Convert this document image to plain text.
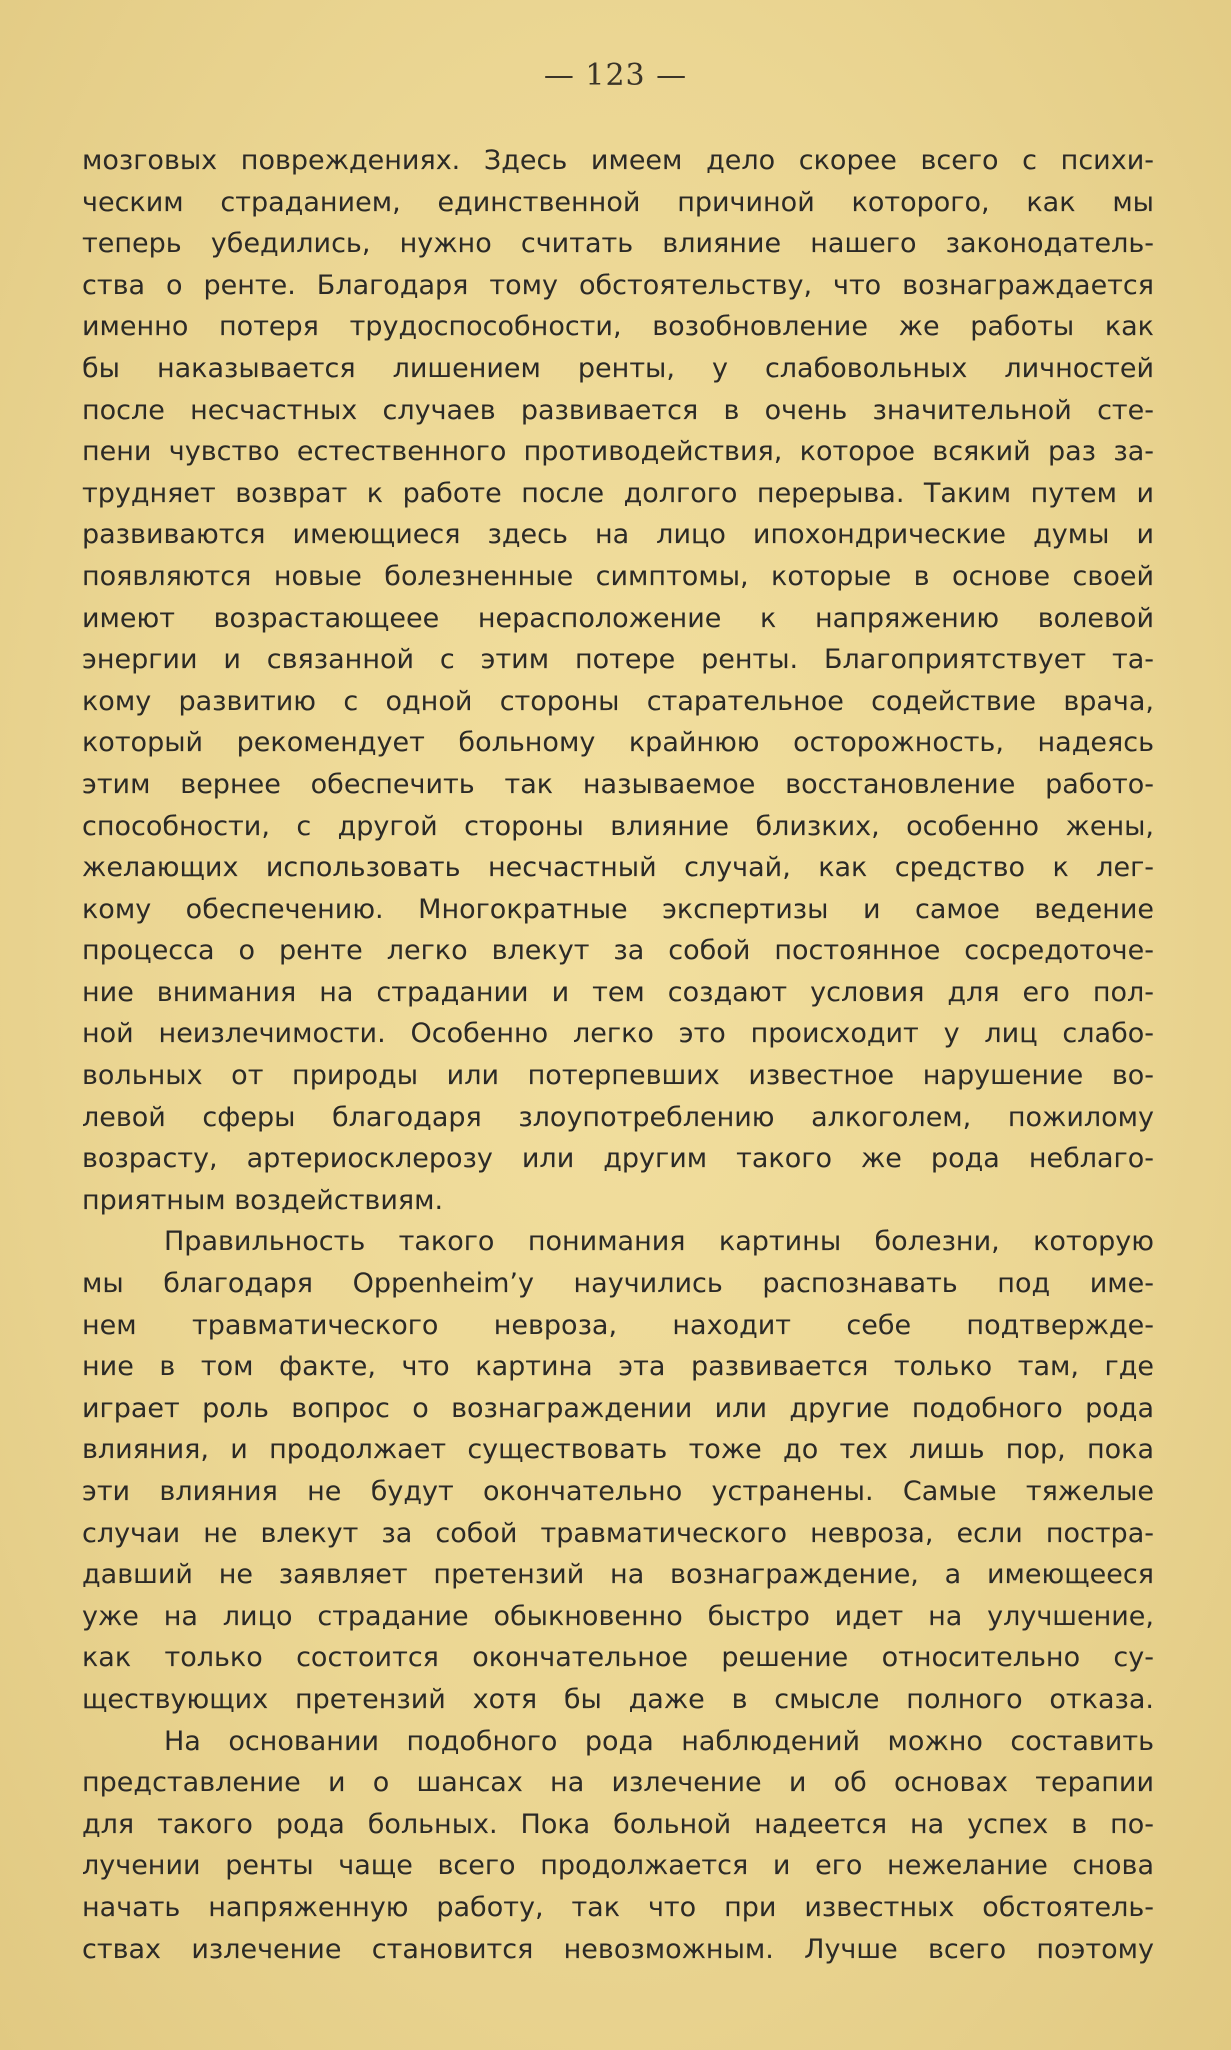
— 123 —
мозговых повреждениях. Здесь имеем дело скорее всего с психи-
ческим страданием, единственной причиной которого, как мы
теперь убедились, нужно считать влияние нашего законодатель-
ства о ренте. Благодаря тому обстоятельству, что вознаграждается
именно потеря трудоспособности, возобновление же работы как
бы наказывается лишением ренты, у слабовольных личностей
после несчастных случаев развивается в очень значительной сте-
пени чувство естественного противодействия, которое всякий раз за-
трудняет возврат к работе после долгого перерыва. Таким путем и
развиваются имеющиеся здесь на лицо ипохондрические думы и
появляются новые болезненные симптомы, которые в основе своей
имеют возрастающеее нерасположение к напряжению волевой
энергии и связанной с этим потере ренты. Благоприятствует та-
кому развитию с одной стороны старательное содействие врача,
который рекомендует больному крайнюю осторожность, надеясь
этим вернее обеспечить так называемое восстановление работо-
способности, с другой стороны влияние близких, особенно жены,
желающих использовать несчастный случай, как средство к лег-
кому обеспечению. Многократные экспертизы и самое ведение
процесса о ренте легко влекут за собой постоянное сосредоточе-
ние внимания на страдании и тем создают условия для его пол-
ной неизлечимости. Особенно легко это происходит у лиц слабо-
вольных от природы или потерпевших известное нарушение во-
левой сферы благодаря злоупотреблению алкоголем, пожилому
возрасту, артериосклерозу или другим такого же рода неблаго-
приятным воздействиям.
Правильность такого понимания картины болезни, которую
мы благодаря Oppenheim’у научились распознавать под име-
нем травматического невроза, находит себе подтвержде-
ние в том факте, что картина эта развивается только там, где
играет роль вопрос о вознаграждении или другие подобного рода
влияния, и продолжает существовать тоже до тех лишь пор, пока
эти влияния не будут окончательно устранены. Самые тяжелые
случаи не влекут за собой травматического невроза, если постра-
давший не заявляет претензий на вознаграждение, а имеющееся
уже на лицо страдание обыкновенно быстро идет на улучшение,
как только состоится окончательное решение относительно су-
ществующих претензий хотя бы даже в смысле полного отказа.
На основании подобного рода наблюдений можно составить
представление и о шансах на излечение и об основах терапии
для такого рода больных. Пока больной надеется на успех в по-
лучении ренты чаще всего продолжается и его нежелание снова
начать напряженную работу, так что при известных обстоятель-
ствах излечение становится невозможным. Лучше всего поэтому
